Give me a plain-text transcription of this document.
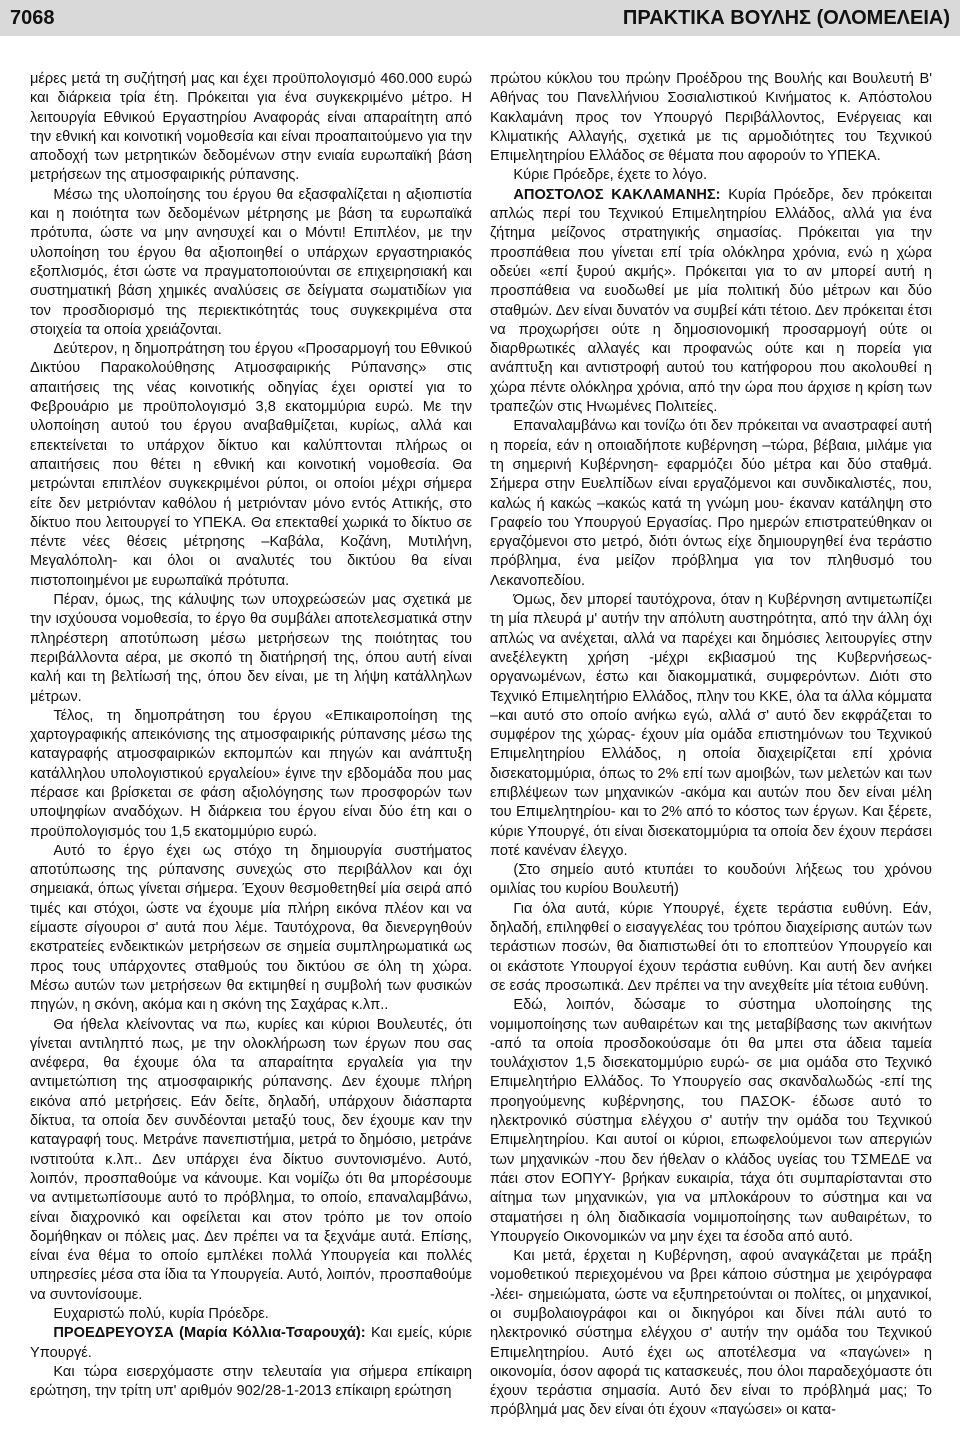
7068	ΠΡΑΚΤΙΚΑ ΒΟΥΛΗΣ (ΟΛΟΜΕΛΕΙΑ)

μέρες μετά τη συζήτησή μας και έχει προϋπολογισμό 460.000 ευρώ και διάρκεια τρία έτη. Πρόκειται για ένα συγκεκριμένο μέτρο. Η λειτουργία Εθνικού Εργαστηρίου Αναφοράς είναι απαραίτητη από την εθνική και κοινοτική νομοθεσία και είναι προαπαιτούμενο για την αποδοχή των μετρητικών δεδομένων στην ενιαία ευρωπαϊκή βάση μετρήσεων της ατμοσφαιρικής ρύπανσης.

Μέσω της υλοποίησης του έργου θα εξασφαλίζεται η αξιοπιστία και η ποιότητα των δεδομένων μέτρησης με βάση τα ευρωπαϊκά πρότυπα, ώστε να μην ανησυχεί και ο Μόντι! Επιπλέον, με την υλοποίηση του έργου θα αξιοποιηθεί ο υπάρχων εργαστηριακός εξοπλισμός, έτσι ώστε να πραγματοποιούνται σε επιχειρησιακή και συστηματική βάση χημικές αναλύσεις σε δείγματα σωματιδίων για τον προσδιορισμό της περιεκτικότητάς τους συγκεκριμένα στα στοιχεία τα οποία χρειάζονται.

Δεύτερον, η δημοπράτηση του έργου «Προσαρμογή του Εθνικού Δικτύου Παρακολούθησης Ατμοσφαιρικής Ρύπανσης» στις απαιτήσεις της νέας κοινοτικής οδηγίας έχει οριστεί για το Φεβρουάριο με προϋπολογισμό 3,8 εκατομμύρια ευρώ. Με την υλοποίηση αυτού του έργου αναβαθμίζεται, κυρίως, αλλά και επεκτείνεται το υπάρχον δίκτυο και καλύπτονται πλήρως οι απαιτήσεις που θέτει η εθνική και κοινοτική νομοθεσία. Θα μετρώνται επιπλέον συγκεκριμένοι ρύποι, οι οποίοι μέχρι σήμερα είτε δεν μετριόνταν καθόλου ή μετριόνταν μόνο εντός Αττικής, στο δίκτυο που λειτουργεί το ΥΠΕΚΑ. Θα επεκταθεί χωρικά το δίκτυο σε πέντε νέες θέσεις μέτρησης –Καβάλα, Κοζάνη, Μυτιλήνη, Μεγαλόπολη- και όλοι οι αναλυτές του δικτύου θα είναι πιστοποιημένοι με ευρωπαϊκά πρότυπα.

Πέραν, όμως, της κάλυψης των υποχρεώσεών μας σχετικά με την ισχύουσα νομοθεσία, το έργο θα συμβάλει αποτελεσματικά στην πληρέστερη αποτύπωση μέσω μετρήσεων της ποιότητας του περιβάλλοντα αέρα, με σκοπό τη διατήρησή της, όπου αυτή είναι καλή και τη βελτίωσή της, όπου δεν είναι, με τη λήψη κατάλληλων μέτρων.

Τέλος, τη δημοπράτηση του έργου «Επικαιροποίηση της χαρτογραφικής απεικόνισης της ατμοσφαιρικής ρύπανσης μέσω της καταγραφής ατμοσφαιρικών εκπομπών και πηγών και ανάπτυξη κατάλληλου υπολογιστικού εργαλείου» έγινε την εβδομάδα που μας πέρασε και βρίσκεται σε φάση αξιολόγησης των προσφορών των υποψηφίων αναδόχων. Η διάρκεια του έργου είναι δύο έτη και ο προϋπολογισμός του 1,5 εκατομμύριο ευρώ.

Αυτό το έργο έχει ως στόχο τη δημιουργία συστήματος αποτύπωσης της ρύπανσης συνεχώς στο περιβάλλον και όχι σημειακά, όπως γίνεται σήμερα. Έχουν θεσμοθετηθεί μία σειρά από τιμές και στόχοι, ώστε να έχουμε μία πλήρη εικόνα πλέον και να είμαστε σίγουροι σ' αυτά που λέμε. Ταυτόχρονα, θα διενεργηθούν εκστρατείες ενδεικτικών μετρήσεων σε σημεία συμπληρωματικά ως προς τους υπάρχοντες σταθμούς του δικτύου σε όλη τη χώρα. Μέσω αυτών των μετρήσεων θα εκτιμηθεί η συμβολή των φυσικών πηγών, η σκόνη, ακόμα και η σκόνη της Σαχάρας κ.λπ..

Θα ήθελα κλείνοντας να πω, κυρίες και κύριοι Βουλευτές, ότι γίνεται αντιληπτό πως, με την ολοκλήρωση των έργων που σας ανέφερα, θα έχουμε όλα τα απαραίτητα εργαλεία για την αντιμετώπιση της ατμοσφαιρικής ρύπανσης. Δεν έχουμε πλήρη εικόνα από μετρήσεις. Εάν δείτε, δηλαδή, υπάρχουν διάσπαρτα δίκτυα, τα οποία δεν συνδέονται μεταξύ τους, δεν έχουμε καν την καταγραφή τους. Μετράνε πανεπιστήμια, μετρά το δημόσιο, μετράνε ινστιτούτα κ.λπ.. Δεν υπάρχει ένα δίκτυο συντονισμένο. Αυτό, λοιπόν, προσπαθούμε να κάνουμε. Και νομίζω ότι θα μπορέσουμε να αντιμετωπίσουμε αυτό το πρόβλημα, το οποίο, επαναλαμβάνω, είναι διαχρονικό και οφείλεται και στον τρόπο με τον οποίο δομήθηκαν οι πόλεις μας. Δεν πρέπει να τα ξεχνάμε αυτά. Επίσης, είναι ένα θέμα το οποίο εμπλέκει πολλά Υπουργεία και πολλές υπηρεσίες μέσα στα ίδια τα Υπουργεία. Αυτό, λοιπόν, προσπαθούμε να συντονίσουμε.

Ευχαριστώ πολύ, κυρία Πρόεδρε.

ΠΡΟΕΔΡΕΥΟΥΣΑ (Μαρία Κόλλια-Τσαρουχά): Και εμείς, κύριε Υπουργέ.

Και τώρα εισερχόμαστε στην τελευταία για σήμερα επίκαιρη ερώτηση, την τρίτη υπ' αριθμόν 902/28-1-2013 επίκαιρη ερώτηση

πρώτου κύκλου του πρώην Προέδρου της Βουλής και Βουλευτή Β' Αθήνας του Πανελλήνιου Σοσιαλιστικού Κινήματος κ. Απόστολου Κακλαμάνη προς τον Υπουργό Περιβάλλοντος, Ενέργειας και Κλιματικής Αλλαγής, σχετικά με τις αρμοδιότητες του Τεχνικού Επιμελητηρίου Ελλάδος σε θέματα που αφορούν το ΥΠΕΚΑ.

Κύριε Πρόεδρε, έχετε το λόγο.

ΑΠΟΣΤΟΛΟΣ ΚΑΚΛΑΜΑΝΗΣ: Κυρία Πρόεδρε, δεν πρόκειται απλώς περί του Τεχνικού Επιμελητηρίου Ελλάδος, αλλά για ένα ζήτημα μείζονος στρατηγικής σημασίας. Πρόκειται για την προσπάθεια που γίνεται επί τρία ολόκληρα χρόνια, ενώ η χώρα οδεύει «επί ξυρού ακμής». Πρόκειται για το αν μπορεί αυτή η προσπάθεια να ευοδωθεί με μία πολιτική δύο μέτρων και δύο σταθμών. Δεν είναι δυνατόν να συμβεί κάτι τέτοιο. Δεν πρόκειται έτσι να προχωρήσει ούτε η δημοσιονομική προσαρμογή ούτε οι διαρθρωτικές αλλαγές και προφανώς ούτε και η πορεία για ανάπτυξη και αντιστροφή αυτού του κατήφορου που ακολουθεί η χώρα πέντε ολόκληρα χρόνια, από την ώρα που άρχισε η κρίση των τραπεζών στις Ηνωμένες Πολιτείες.

Επαναλαμβάνω και τονίζω ότι δεν πρόκειται να αναστραφεί αυτή η πορεία, εάν η οποιαδήποτε κυβέρνηση –τώρα, βέβαια, μιλάμε για τη σημερινή Κυβέρνηση- εφαρμόζει δύο μέτρα και δύο σταθμά. Σήμερα στην Ευελπίδων είναι εργαζόμενοι και συνδικαλιστές, που, καλώς ή κακώς –κακώς κατά τη γνώμη μου- έκαναν κατάληψη στο Γραφείο του Υπουργού Εργασίας. Προ ημερών επιστρατεύθηκαν οι εργαζόμενοι στο μετρό, διότι όντως είχε δημιουργηθεί ένα τεράστιο πρόβλημα, ένα μείζον πρόβλημα για τον πληθυσμό του Λεκανοπεδίου.

Όμως, δεν μπορεί ταυτόχρονα, όταν η Κυβέρνηση αντιμετωπίζει τη μία πλευρά μ' αυτήν την απόλυτη αυστηρότητα, από την άλλη όχι απλώς να ανέχεται, αλλά να παρέχει και δημόσιες λειτουργίες στην ανεξέλεγκτη χρήση -μέχρι εκβιασμού της Κυβερνήσεως- οργανωμένων, έστω και διακομματικά, συμφερόντων. Διότι στο Τεχνικό Επιμελητήριο Ελλάδος, πλην του ΚΚΕ, όλα τα άλλα κόμματα –και αυτό στο οποίο ανήκω εγώ, αλλά σ' αυτό δεν εκφράζεται το συμφέρον της χώρας- έχουν μία ομάδα επιστημόνων του Τεχνικού Επιμελητηρίου Ελλάδος, η οποία διαχειρίζεται επί χρόνια δισεκατομμύρια, όπως το 2% επί των αμοιβών, των μελετών και των επιβλέψεων των μηχανικών -ακόμα και αυτών που δεν είναι μέλη του Επιμελητηρίου- και το 2% από το κόστος των έργων. Και ξέρετε, κύριε Υπουργέ, ότι είναι δισεκατομμύρια τα οποία δεν έχουν περάσει ποτέ κανέναν έλεγχο.

(Στο σημείο αυτό κτυπάει το κουδούνι λήξεως του χρόνου ομιλίας του κυρίου Βουλευτή)

Για όλα αυτά, κύριε Υπουργέ, έχετε τεράστια ευθύνη. Εάν, δηλαδή, επιληφθεί ο εισαγγελέας του τρόπου διαχείρισης αυτών των τεράστιων ποσών, θα διαπιστωθεί ότι το εποπτεύον Υπουργείο και οι εκάστοτε Υπουργοί έχουν τεράστια ευθύνη. Και αυτή δεν ανήκει σε εσάς προσωπικά. Δεν πρέπει να την ανεχθείτε μία τέτοια ευθύνη.

Εδώ, λοιπόν, δώσαμε το σύστημα υλοποίησης της νομιμοποίησης των αυθαιρέτων και της μεταβίβασης των ακινήτων -από τα οποία προσδοκούσαμε ότι θα μπει στα άδεια ταμεία τουλάχιστον 1,5 δισεκατομμύριο ευρώ- σε μια ομάδα στο Τεχνικό Επιμελητήριο Ελλάδος. Το Υπουργείο σας σκανδαλωδώς -επί της προηγούμενης κυβέρνησης, του ΠΑΣΟΚ- έδωσε αυτό το ηλεκτρονικό σύστημα ελέγχου σ' αυτήν την ομάδα του Τεχνικού Επιμελητηρίου. Και αυτοί οι κύριοι, επωφελούμενοι των απεργιών των μηχανικών -που δεν ήθελαν ο κλάδος υγείας του ΤΣΜΕΔΕ να πάει στον ΕΟΠΥΥ- βρήκαν ευκαιρία, τάχα ότι συμπαρίστανται στο αίτημα των μηχανικών, για να μπλοκάρουν το σύστημα και να σταματήσει η όλη διαδικασία νομιμοποίησης των αυθαιρέτων, το Υπουργείο Οικονομικών να μην έχει τα έσοδα από αυτό.

Και μετά, έρχεται η Κυβέρνηση, αφού αναγκάζεται με πράξη νομοθετικού περιεχομένου να βρει κάποιο σύστημα με χειρόγραφα -λέει- σημειώματα, ώστε να εξυπηρετούνται οι πολίτες, οι μηχανικοί, οι συμβολαιογράφοι και οι δικηγόροι και δίνει πάλι αυτό το ηλεκτρονικό σύστημα ελέγχου σ' αυτήν την ομάδα του Τεχνικού Επιμελητηρίου. Αυτό έχει ως αποτέλεσμα να «παγώνει» η οικονομία, όσον αφορά τις κατασκευές, που όλοι παραδεχόμαστε ότι έχουν τεράστια σημασία. Αυτό δεν είναι το πρόβλημά μας; Το πρόβλημά μας δεν είναι ότι έχουν «παγώσει» οι κατα-
